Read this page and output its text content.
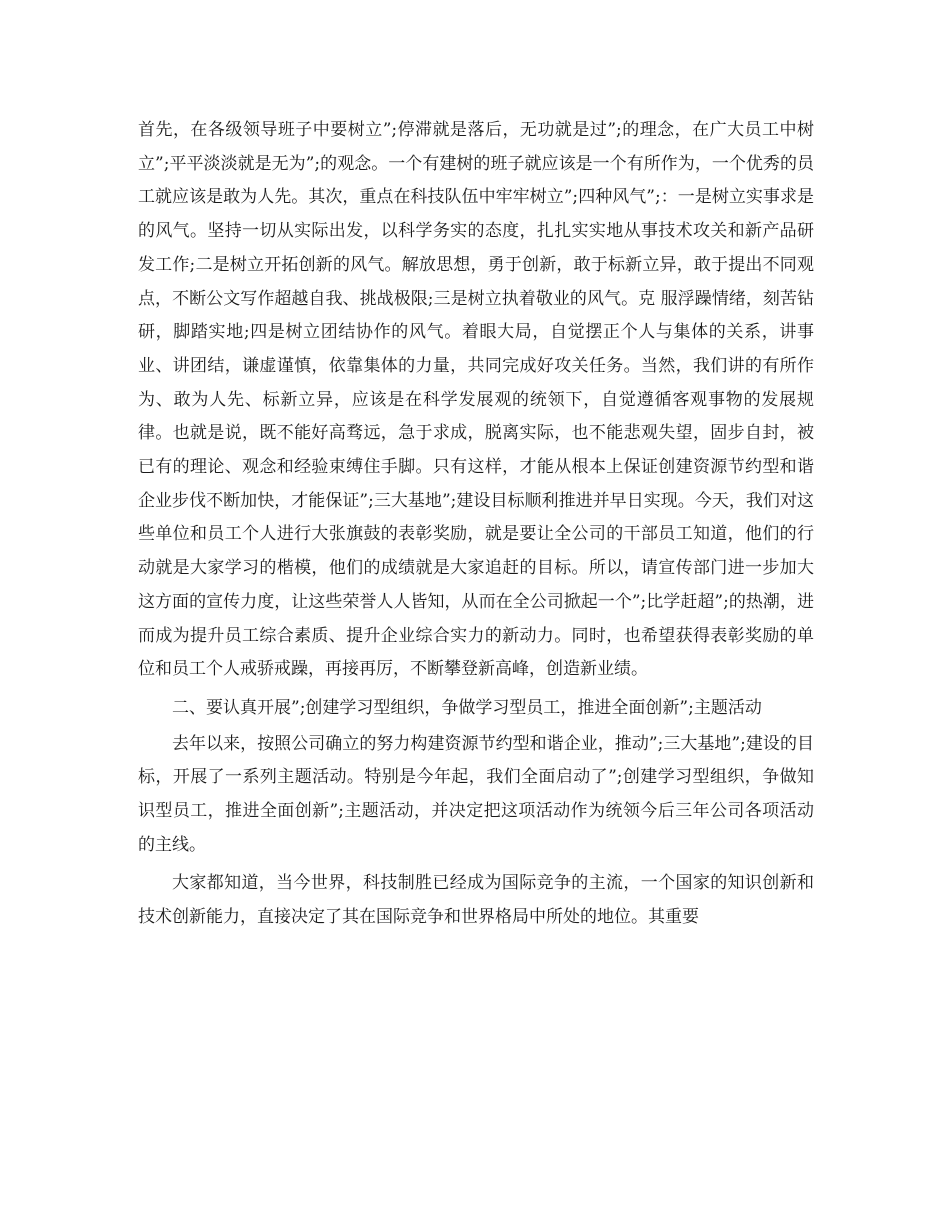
首先，在各级领导班子中要树立”;停滞就是落后，无功就是过”;的理念，在广大员工中树立”;平平淡淡就是无为”;的观念。一个有建树的班子就应该是一个有所作为，一个优秀的员工就应该是敢为人先。其次，重点在科技队伍中牢牢树立”;四种风气”;：一是树立实事求是的风气。坚持一切从实际出发，以科学务实的态度，扎扎实实地从事技术攻关和新产品研发工作;二是树立开拓创新的风气。解放思想，勇于创新，敢于标新立异，敢于提出不同观点，不断公文写作超越自我、挑战极限;三是树立执着敬业的风气。克 服浮躁情绪，刻苦钻研，脚踏实地;四是树立团结协作的风气。着眼大局，自觉摆正个人与集体的关系，讲事业、讲团结，谦虚谨慎，依靠集体的力量，共同完成好攻关任务。当然，我们讲的有所作为、敢为人先、标新立异，应该是在科学发展观的统领下，自觉遵循客观事物的发展规律。也就是说，既不能好高骛远，急于求成，脱离实际，也不能悲观失望，固步自封，被已有的理论、观念和经验束缚住手脚。只有这样，才能从根本上保证创建资源节约型和谐企业步伐不断加快，才能保证”;三大基地”;建设目标顺利推进并早日实现。今天，我们对这些单位和员工个人进行大张旗鼓的表彰奖励，就是要让全公司的干部员工知道，他们的行动就是大家学习的楷模，他们的成绩就是大家追赶的目标。所以，请宣传部门进一步加大这方面的宣传力度，让这些荣誉人人皆知，从而在全公司掀起一个”;比学赶超”;的热潮，进而成为提升员工综合素质、提升企业综合实力的新动力。同时，也希望获得表彰奖励的单位和员工个人戒骄戒躁，再接再厉，不断攀登新高峰，创造新业绩。

二、要认真开展”;创建学习型组织，争做学习型员工，推进全面创新”;主题活动

去年以来，按照公司确立的努力构建资源节约型和谐企业，推动”;三大基地”;建设的目标，开展了一系列主题活动。特别是今年起，我们全面启动了”;创建学习型组织，争做知识型员工，推进全面创新”;主题活动，并决定把这项活动作为统领今后三年公司各项活动的主线。

大家都知道，当今世界，科技制胜已经成为国际竞争的主流，一个国家的知识创新和技术创新能力，直接决定了其在国际竞争和世界格局中所处的地位。其重要
